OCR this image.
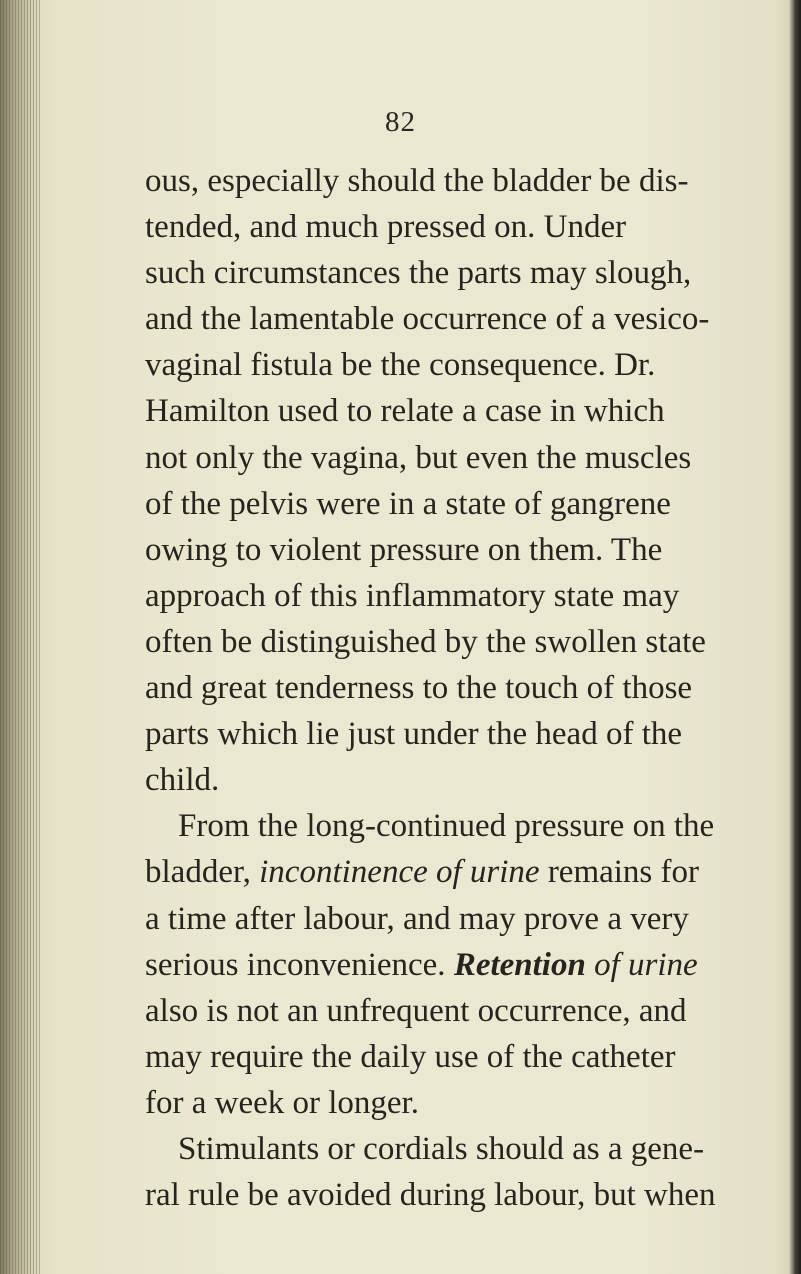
82
ous, especially should the bladder be dis-
tended, and much pressed on. Under
such circumstances the parts may slough,
and the lamentable occurrence of a vesico-
vaginal fistula be the consequence. Dr.
Hamilton used to relate a case in which
not only the vagina, but even the muscles
of the pelvis were in a state of gangrene
owing to violent pressure on them. The
approach of this inflammatory state may
often be distinguished by the swollen state
and great tenderness to the touch of those
parts which lie just under the head of the
child.
From the long-continued pressure on the
bladder, incontinence of urine remains for
a time after labour, and may prove a very
serious inconvenience. Retention of urine
also is not an unfrequent occurrence, and
may require the daily use of the catheter
for a week or longer.
Stimulants or cordials should as a gene-
ral rule be avoided during labour, but when
